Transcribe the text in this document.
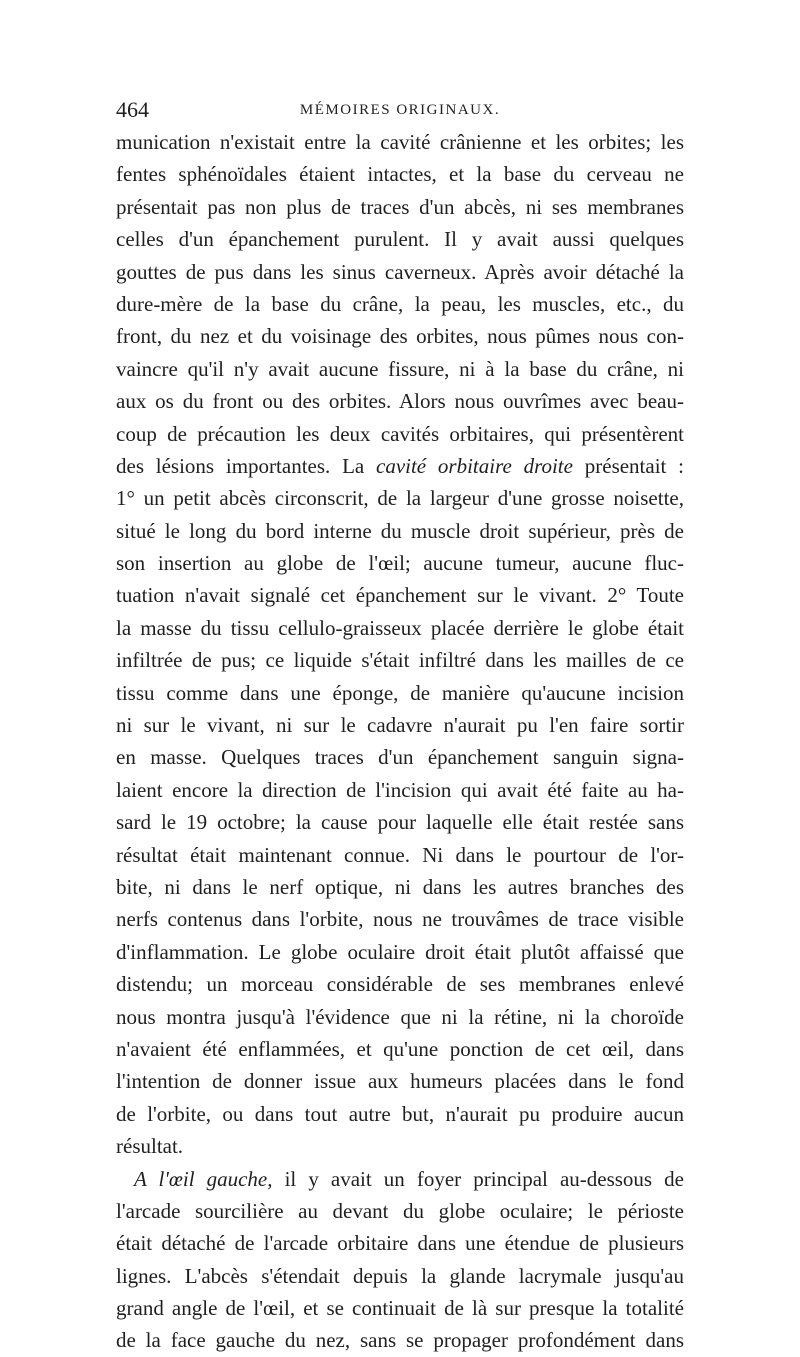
464	MÉMOIRES ORIGINAUX.
munication n'existait entre la cavité crânienne et les orbites; les
fentes sphénoïdales étaient intactes, et la base du cerveau ne
présentait pas non plus de traces d'un abcès, ni ses membranes
celles d'un épanchement purulent. Il y avait aussi quelques
gouttes de pus dans les sinus caverneux. Après avoir détaché la
dure-mère de la base du crâne, la peau, les muscles, etc., du
front, du nez et du voisinage des orbites, nous pûmes nous con-
vaincre qu'il n'y avait aucune fissure, ni à la base du crâne, ni
aux os du front ou des orbites. Alors nous ouvrîmes avec beau-
coup de précaution les deux cavités orbitaires, qui présentèrent
des lésions importantes. La cavité orbitaire droite présentait :
1° un petit abcès circonscrit, de la largeur d'une grosse noisette,
situé le long du bord interne du muscle droit supérieur, près de
son insertion au globe de l'œil; aucune tumeur, aucune fluc-
tuation n'avait signalé cet épanchement sur le vivant. 2° Toute
la masse du tissu cellulo-graisseux placée derrière le globe était
infiltrée de pus; ce liquide s'était infiltré dans les mailles de ce
tissu comme dans une éponge, de manière qu'aucune incision
ni sur le vivant, ni sur le cadavre n'aurait pu l'en faire sortir
en masse. Quelques traces d'un épanchement sanguin signa-
laient encore la direction de l'incision qui avait été faite au ha-
sard le 19 octobre; la cause pour laquelle elle était restée sans
résultat était maintenant connue. Ni dans le pourtour de l'or-
bite, ni dans le nerf optique, ni dans les autres branches des
nerfs contenus dans l'orbite, nous ne trouvâmes de trace visible
d'inflammation. Le globe oculaire droit était plutôt affaissé que
distendu; un morceau considérable de ses membranes enlevé
nous montra jusqu'à l'évidence que ni la rétine, ni la choroïde
n'avaient été enflammées, et qu'une ponction de cet œil, dans
l'intention de donner issue aux humeurs placées dans le fond
de l'orbite, ou dans tout autre but, n'aurait pu produire aucun
résultat.
A l'œil gauche, il y avait un foyer principal au-dessous de
l'arcade sourcilière au devant du globe oculaire; le périoste
était détaché de l'arcade orbitaire dans une étendue de plusieurs
lignes. L'abcès s'étendait depuis la glande lacrymale jusqu'au
grand angle de l'œil, et se continuait de là sur presque la totalité
de la face gauche du nez, sans se propager profondément dans
